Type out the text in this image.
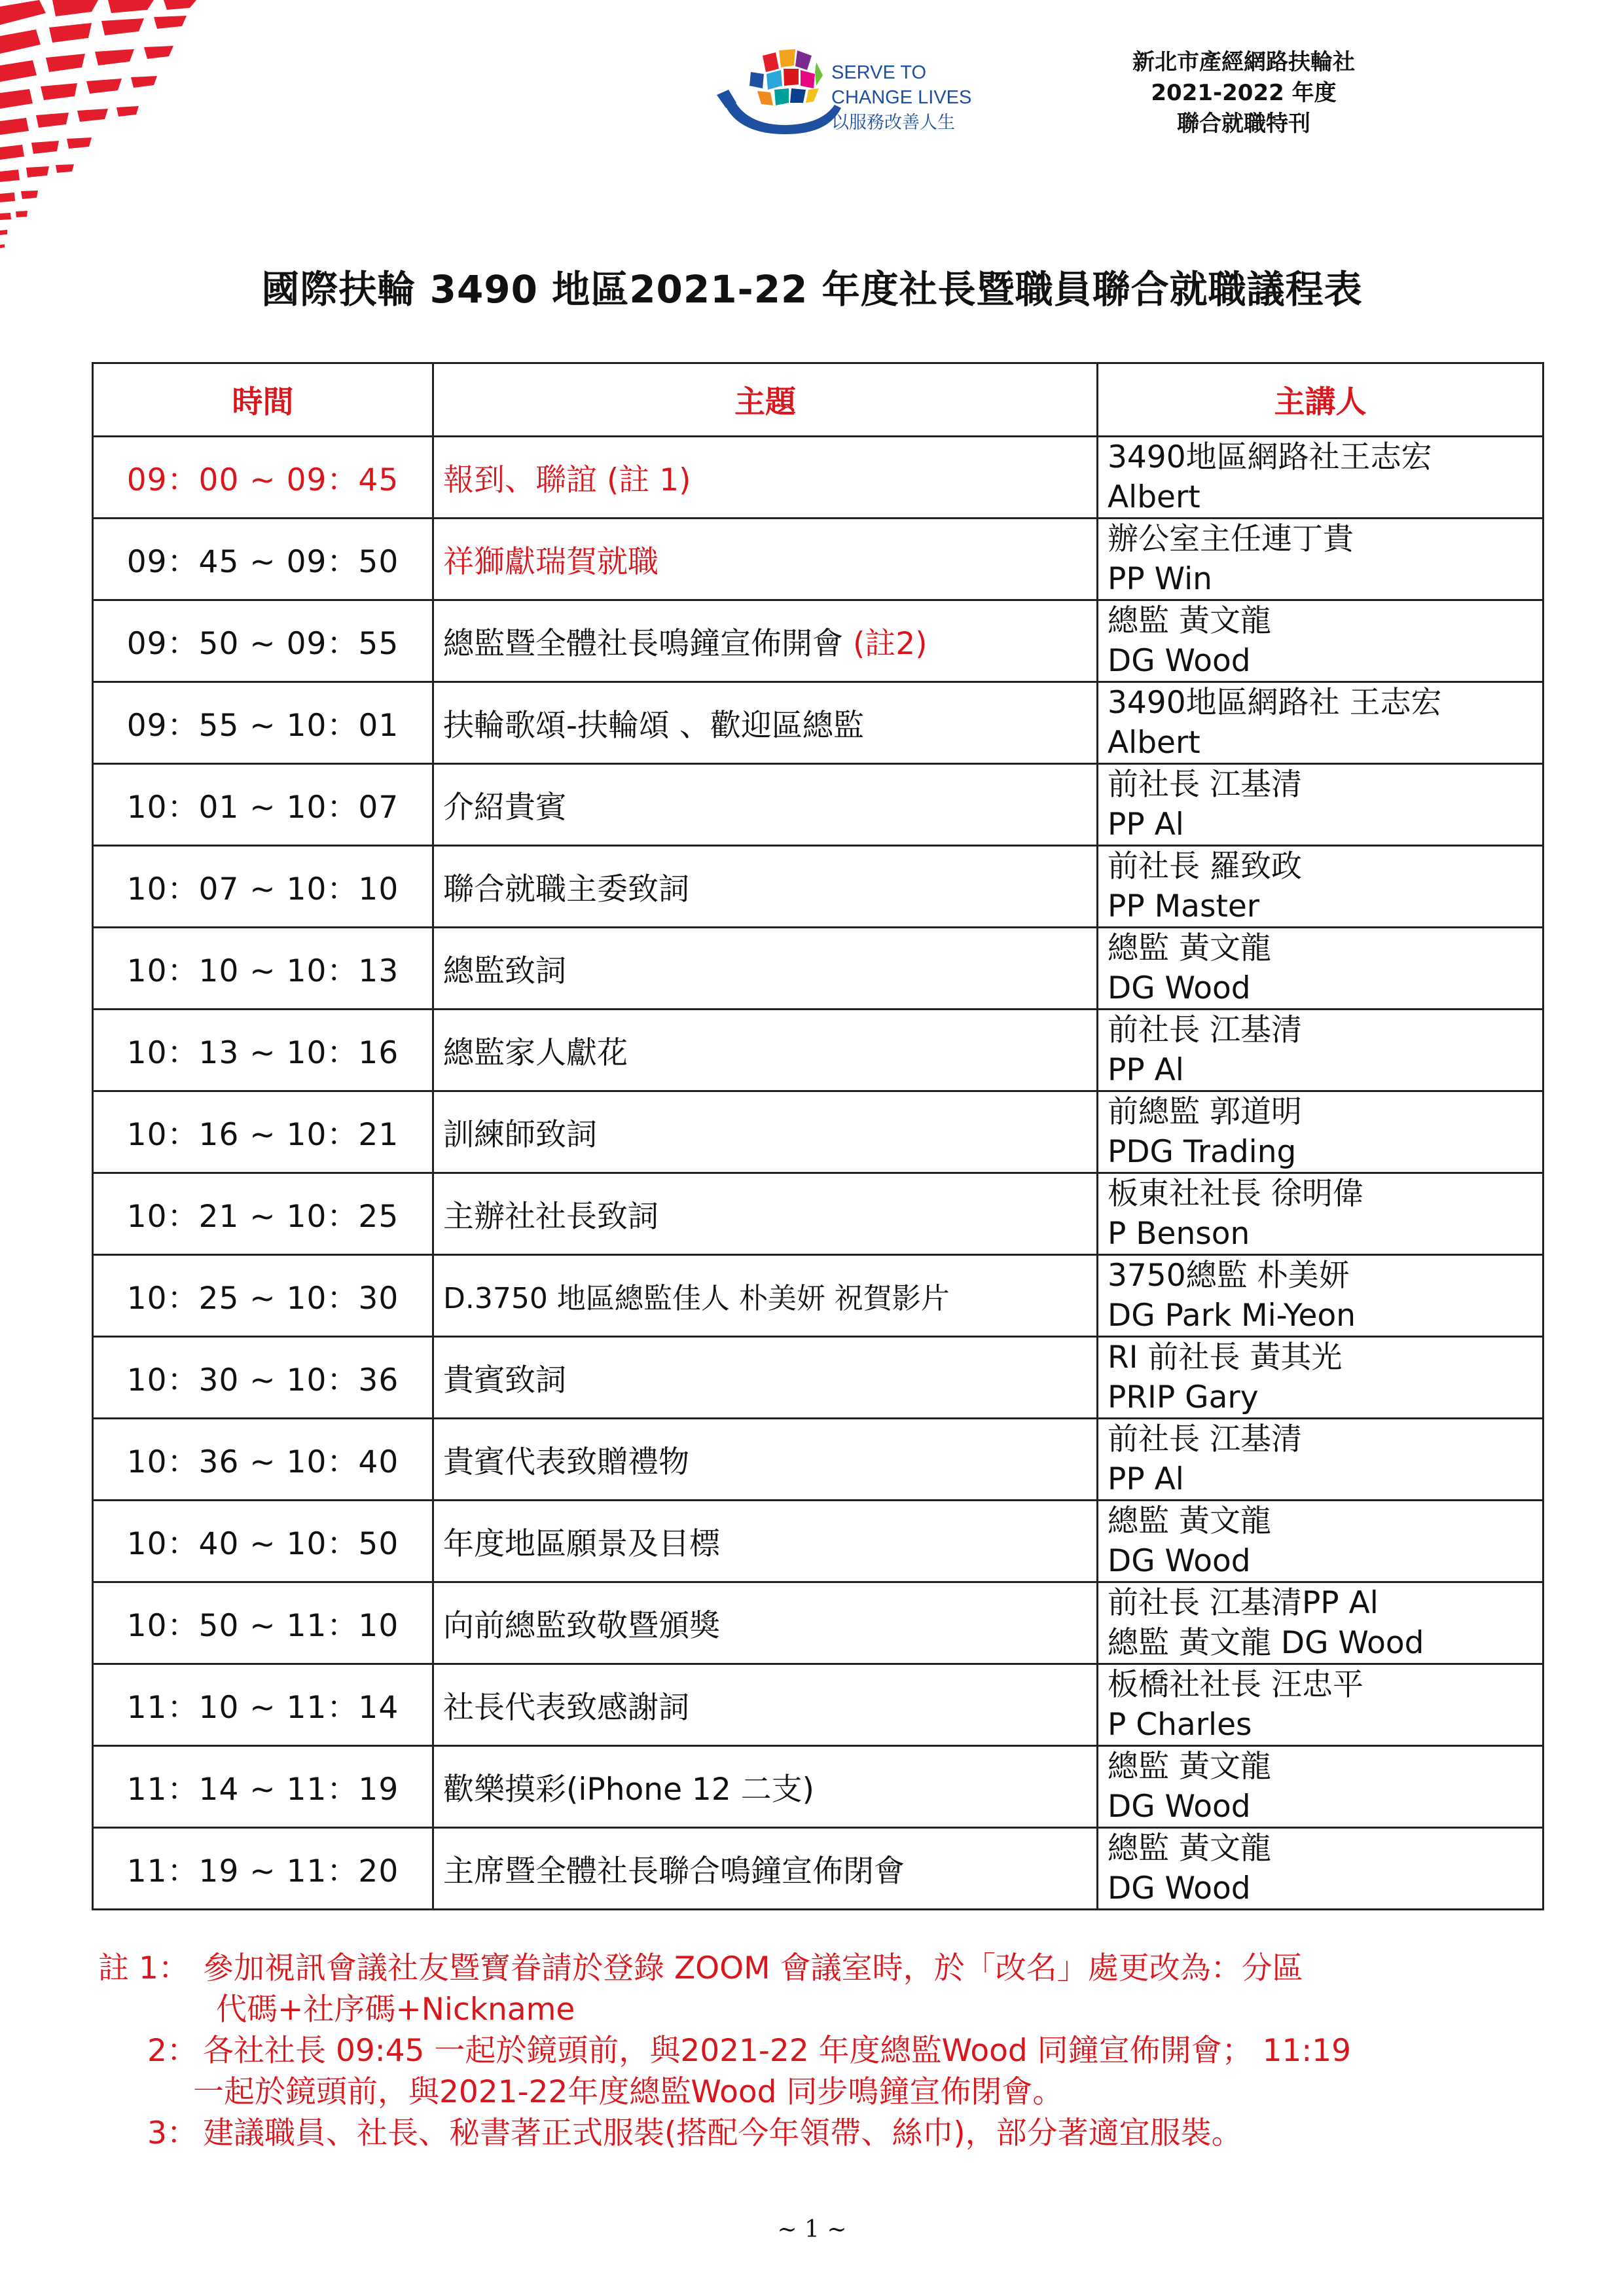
SERVE TO
CHANGE LIVES
以服務改善人生
新北市產經網路扶輪社
2021-2022 年度
聯合就職特刊
國際扶輪 3490 地區2021-22 年度社長暨職員聯合就職議程表
時間	主題	主講人
09：00 ~ 09：45	報到、聯誼 (註 1)	3490地區網路社王志宏
Albert

09：45 ~ 09：50	祥獅獻瑞賀就職	辦公室主任連丁貴
PP Win

09：50 ~ 09：55	總監暨全體社長鳴鐘宣佈開會 (註2)	總監 黃文龍
DG Wood

09：55 ~ 10：01	扶輪歌頌-扶輪頌 、歡迎區總監	3490地區網路社 王志宏
Albert

10：01 ~ 10：07	介紹貴賓	前社長 江基清
PP Al

10：07 ~ 10：10	聯合就職主委致詞	前社長 羅致政
PP Master

10：10 ~ 10：13	總監致詞	總監 黃文龍
DG Wood

10：13 ~ 10：16	總監家人獻花	前社長 江基清
PP Al

10：16 ~ 10：21	訓練師致詞	前總監 郭道明
PDG Trading

10：21 ~ 10：25	主辦社社長致詞	板東社社長 徐明偉
P Benson

10：25 ~ 10：30	D.3750 地區總監佳人 朴美妍 祝賀影片	3750總監 朴美妍
DG Park Mi-Yeon

10：30 ~ 10：36	貴賓致詞	RI 前社長 黃其光
PRIP Gary

10：36 ~ 10：40	貴賓代表致贈禮物	前社長 江基清
PP Al

10：40 ~ 10：50	年度地區願景及目標	總監 黃文龍
DG Wood

10：50 ~ 11：10	向前總監致敬暨頒獎	前社長 江基清PP Al
總監 黃文龍 DG Wood

11：10 ~ 11：14	社長代表致感謝詞	板橋社社長 汪忠平
P Charles

11：14 ~ 11：19	歡樂摸彩(iPhone 12 二支)	總監 黃文龍
DG Wood

11：19 ~ 11：20	主席暨全體社長聯合鳴鐘宣佈閉會	總監 黃文龍
DG Wood
註 1： 參加視訊會議社友暨寶眷請於登錄 ZOOM 會議室時，於「改名」處更改為：分區
代碼+社序碼+Nickname
2： 各社社長 09:45 一起於鏡頭前，與2021-22 年度總監Wood 同鐘宣佈開會； 11:19
一起於鏡頭前，與2021-22年度總監Wood 同步鳴鐘宣佈閉會。
3： 建議職員、社長、秘書著正式服裝(搭配今年領帶、絲巾)，部分著適宜服裝。
~ 1 ~
